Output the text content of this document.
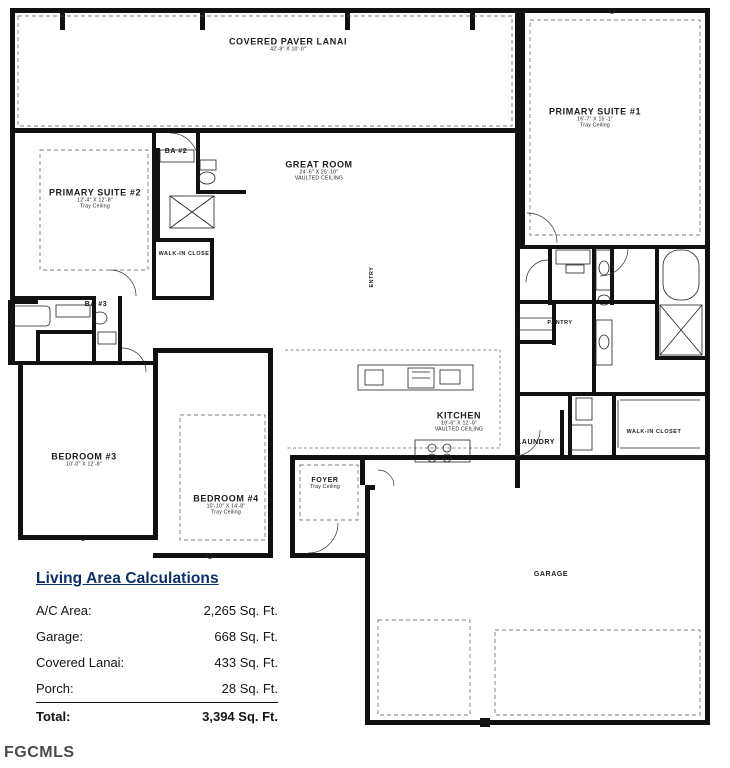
COVERED PAVER LANAI
42'-8" X 10'-0"
PRIMARY SUITE #1
16'-7" X 15'-1"
Tray Ceiling
GREAT ROOM
24'-6" X 25'-10"
VAULTED CEILING
PRIMARY SUITE #2
12'-4" X 12'-8"
Tray Ceiling
BA #2
WALK-IN CLOSET
BA #3
BEDROOM #3
10'-0" X 12'-8"
BEDROOM #4
10'-10" X 14'-8"
Tray Ceiling
FOYER
Tray Ceiling
KITCHEN
19'-6" X 12'-0"
VAULTED CEILING
LAUNDRY
PANTRY
WALK-IN CLOSET
GARAGE
ENTRY
Living Area Calculations
A/C Area:	2,265 Sq. Ft.
Garage:	668 Sq. Ft.
Covered Lanai:	433 Sq. Ft.
Porch:	28 Sq. Ft.
Total:	3,394 Sq. Ft.
FGCMLS
